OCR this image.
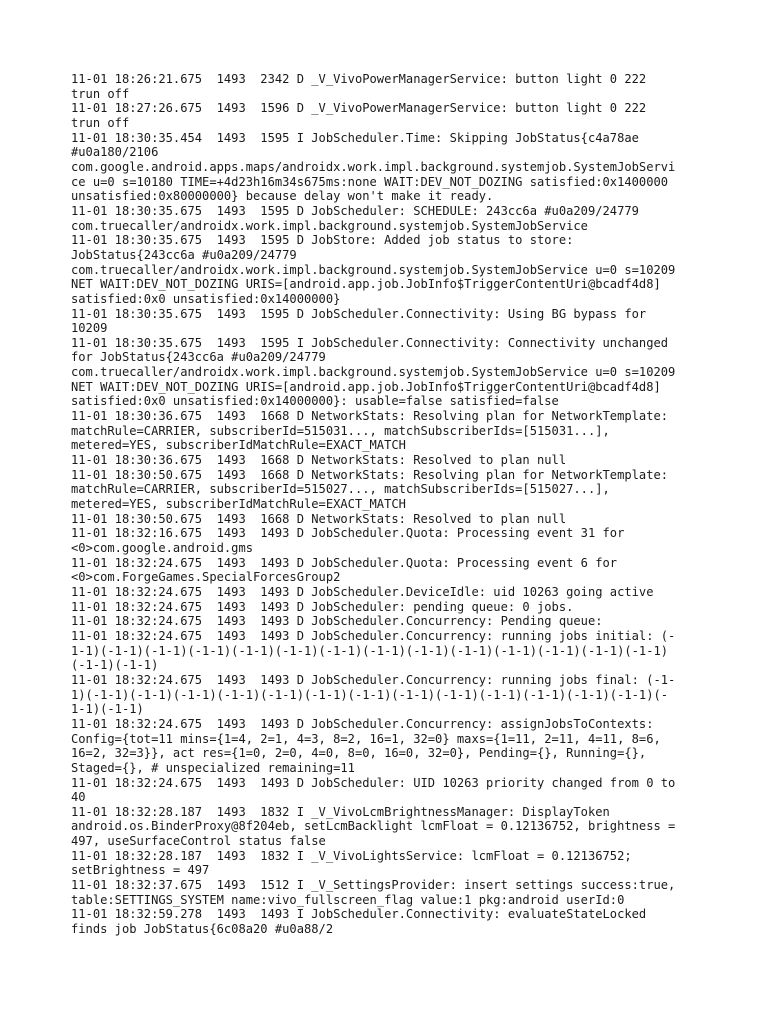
11-01 18:26:21.675  1493  2342 D _V_VivoPowerManagerService: button light 0 222
trun off
11-01 18:27:26.675  1493  1596 D _V_VivoPowerManagerService: button light 0 222
trun off
11-01 18:30:35.454  1493  1595 I JobScheduler.Time: Skipping JobStatus{c4a78ae
#u0a180/2106
com.google.android.apps.maps/androidx.work.impl.background.systemjob.SystemJobServi
ce u=0 s=10180 TIME=+4d23h16m34s675ms:none WAIT:DEV_NOT_DOZING satisfied:0x1400000
unsatisfied:0x80000000} because delay won't make it ready.
11-01 18:30:35.675  1493  1595 D JobScheduler: SCHEDULE: 243cc6a #u0a209/24779
com.truecaller/androidx.work.impl.background.systemjob.SystemJobService
11-01 18:30:35.675  1493  1595 D JobStore: Added job status to store:
JobStatus{243cc6a #u0a209/24779
com.truecaller/androidx.work.impl.background.systemjob.SystemJobService u=0 s=10209
NET WAIT:DEV_NOT_DOZING URIS=[android.app.job.JobInfo$TriggerContentUri@bcadf4d8]
satisfied:0x0 unsatisfied:0x14000000}
11-01 18:30:35.675  1493  1595 D JobScheduler.Connectivity: Using BG bypass for
10209
11-01 18:30:35.675  1493  1595 I JobScheduler.Connectivity: Connectivity unchanged
for JobStatus{243cc6a #u0a209/24779
com.truecaller/androidx.work.impl.background.systemjob.SystemJobService u=0 s=10209
NET WAIT:DEV_NOT_DOZING URIS=[android.app.job.JobInfo$TriggerContentUri@bcadf4d8]
satisfied:0x0 unsatisfied:0x14000000}: usable=false satisfied=false
11-01 18:30:36.675  1493  1668 D NetworkStats: Resolving plan for NetworkTemplate:
matchRule=CARRIER, subscriberId=515031..., matchSubscriberIds=[515031...],
metered=YES, subscriberIdMatchRule=EXACT_MATCH
11-01 18:30:36.675  1493  1668 D NetworkStats: Resolved to plan null
11-01 18:30:50.675  1493  1668 D NetworkStats: Resolving plan for NetworkTemplate:
matchRule=CARRIER, subscriberId=515027..., matchSubscriberIds=[515027...],
metered=YES, subscriberIdMatchRule=EXACT_MATCH
11-01 18:30:50.675  1493  1668 D NetworkStats: Resolved to plan null
11-01 18:32:16.675  1493  1493 D JobScheduler.Quota: Processing event 31 for
<0>com.google.android.gms
11-01 18:32:24.675  1493  1493 D JobScheduler.Quota: Processing event 6 for
<0>com.ForgeGames.SpecialForcesGroup2
11-01 18:32:24.675  1493  1493 D JobScheduler.DeviceIdle: uid 10263 going active
11-01 18:32:24.675  1493  1493 D JobScheduler: pending queue: 0 jobs.
11-01 18:32:24.675  1493  1493 D JobScheduler.Concurrency: Pending queue:
11-01 18:32:24.675  1493  1493 D JobScheduler.Concurrency: running jobs initial: (-
1-1)(-1-1)(-1-1)(-1-1)(-1-1)(-1-1)(-1-1)(-1-1)(-1-1)(-1-1)(-1-1)(-1-1)(-1-1)(-1-1)
(-1-1)(-1-1)
11-01 18:32:24.675  1493  1493 D JobScheduler.Concurrency: running jobs final: (-1-
1)(-1-1)(-1-1)(-1-1)(-1-1)(-1-1)(-1-1)(-1-1)(-1-1)(-1-1)(-1-1)(-1-1)(-1-1)(-1-1)(-
1-1)(-1-1)
11-01 18:32:24.675  1493  1493 D JobScheduler.Concurrency: assignJobsToContexts:
Config={tot=11 mins={1=4, 2=1, 4=3, 8=2, 16=1, 32=0} maxs={1=11, 2=11, 4=11, 8=6,
16=2, 32=3}}, act res={1=0, 2=0, 4=0, 8=0, 16=0, 32=0}, Pending={}, Running={},
Staged={}, # unspecialized remaining=11
11-01 18:32:24.675  1493  1493 D JobScheduler: UID 10263 priority changed from 0 to
40
11-01 18:32:28.187  1493  1832 I _V_VivoLcmBrightnessManager: DisplayToken
android.os.BinderProxy@8f204eb, setLcmBacklight lcmFloat = 0.12136752, brightness =
497, useSurfaceControl status false
11-01 18:32:28.187  1493  1832 I _V_VivoLightsService: lcmFloat = 0.12136752;
setBrightness = 497
11-01 18:32:37.675  1493  1512 I _V_SettingsProvider: insert settings success:true,
table:SETTINGS_SYSTEM name:vivo_fullscreen_flag value:1 pkg:android userId:0
11-01 18:32:59.278  1493  1493 I JobScheduler.Connectivity: evaluateStateLocked
finds job JobStatus{6c08a20 #u0a88/2
